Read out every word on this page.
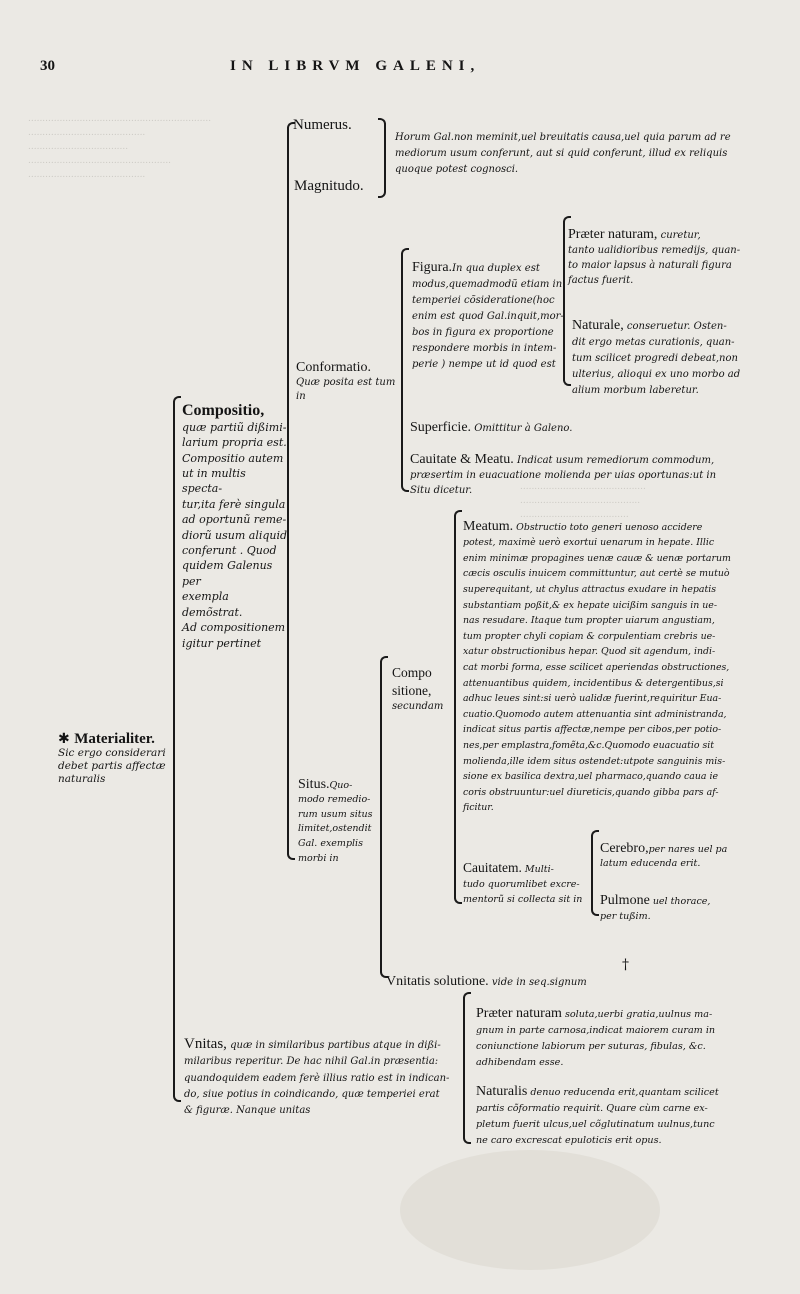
................................................................
.........................................
...................................
..................................................
.........................................
............................................
..........................................
......................................
30	IN LIBRVM GALENI,

✱ Materialiter.

Sic ergo considerari
debet partis affectæ
naturalis

Compositio,

quæ partiũ dißimi-
larium propria est.
Compositio autem
ut in multis specta-
tur,ita ferè singula
ad oportunũ reme-
diorũ usum aliquid
conferunt . Quod
quidem Galenus per
exempla demõstrat.
Ad compositionem
igitur pertinet

Numerus.
Magnitudo.
Horum Gal.non meminit,uel breuitatis causa,uel quia parum ad re
mediorum usum conferunt, aut si quid conferunt, illud ex reliquis
quoque potest cognosci.

Conformatio.

Quæ posita est tum
in

Figura.In qua duplex est
modus,quemadmodũ etiam in
temperiei cõsideratione(hoc
enim est quod Gal.inquit,mor-
bos in figura ex proportione
respondere morbis in intem-
perie ) nempe ut id quod est

Præter naturam, curetur,
tanto ualidioribus remedijs, quan-
to maior lapsus à naturali figura
factus fuerit.

Naturale, conseruetur. Osten-
dit ergo metas curationis, quan-
tum scilicet progredi debeat,non
ulterius, alioqui ex uno morbo ad
alium morbum laberetur.

Superficie. Omittitur à Galeno.

Cauitate & Meatu. Indicat usum remediorum commodum,
præsertim in euacuatione molienda per uias oportunas:ut in
Situ dicetur.

Situs.Quo-
modo remedio-
rum usum situs
limitet,ostendit
Gal. exemplis
morbi in

Compo
sitione,

secundam

Meatum. Obstructio toto generi uenoso accidere
potest, maximè uerò exortui uenarum in hepate. Illic
enim minimæ propagines uenæ cauæ & uenæ portarum
cæcis osculis inuicem committuntur, aut certè se mutuò
superequitant, ut chylus attractus exudare in hepatis
substantiam poßit,& ex hepate uicißim sanguis in ue-
nas resudare. Itaque tum propter uiarum angustiam,
tum propter chyli copiam & corpulentiam crebris ue-
xatur obstructionibus hepar. Quod sit agendum, indi-
cat morbi forma, esse scilicet aperiendas obstructiones,
attenuantibus quidem, incidentibus & detergentibus,si
adhuc leues sint:si uerò ualidæ fuerint,requiritur Eua-
cuatio.Quomodo autem attenuantia sint administranda,
indicat situs partis affectæ,nempe per cibos,per potio-
nes,per emplastra,fomẽta,&c.Quomodo euacuatio sit
molienda,ille idem situs ostendet:utpote sanguinis mis-
sione ex basilica dextra,uel pharmaco,quando caua ie
coris obstruuntur:uel diureticis,quando gibba pars af-
ficitur.

Cauitatem. Multi-
tudo quorumlibet excre-
mentorũ si collecta sit in

Cerebro,per nares uel pa
latum educenda erit.

Pulmone uel thorace,
per tußim.

Vnitatis solutione. vide in seq.signum

†

Vnitas, quæ in similaribus partibus atque in dißi-
milaribus reperitur. De hac nihil Gal.in præsentia:
quandoquidem eadem ferè illius ratio est in indican-
do, siue potius in coindicando, quæ temperiei erat
& figuræ. Nanque unitas

Præter naturam soluta,uerbi gratia,uulnus ma-
gnum in parte carnosa,indicat maiorem curam in
coniunctione labiorum per suturas, fibulas, &c.
adhibendam esse.

Naturalis denuo reducenda erit,quantam scilicet
partis cõformatio requirit. Quare cùm carne ex-
pletum fuerit ulcus,uel cõglutinatum uulnus,tunc
ne caro excrescat epuloticis erit opus.
